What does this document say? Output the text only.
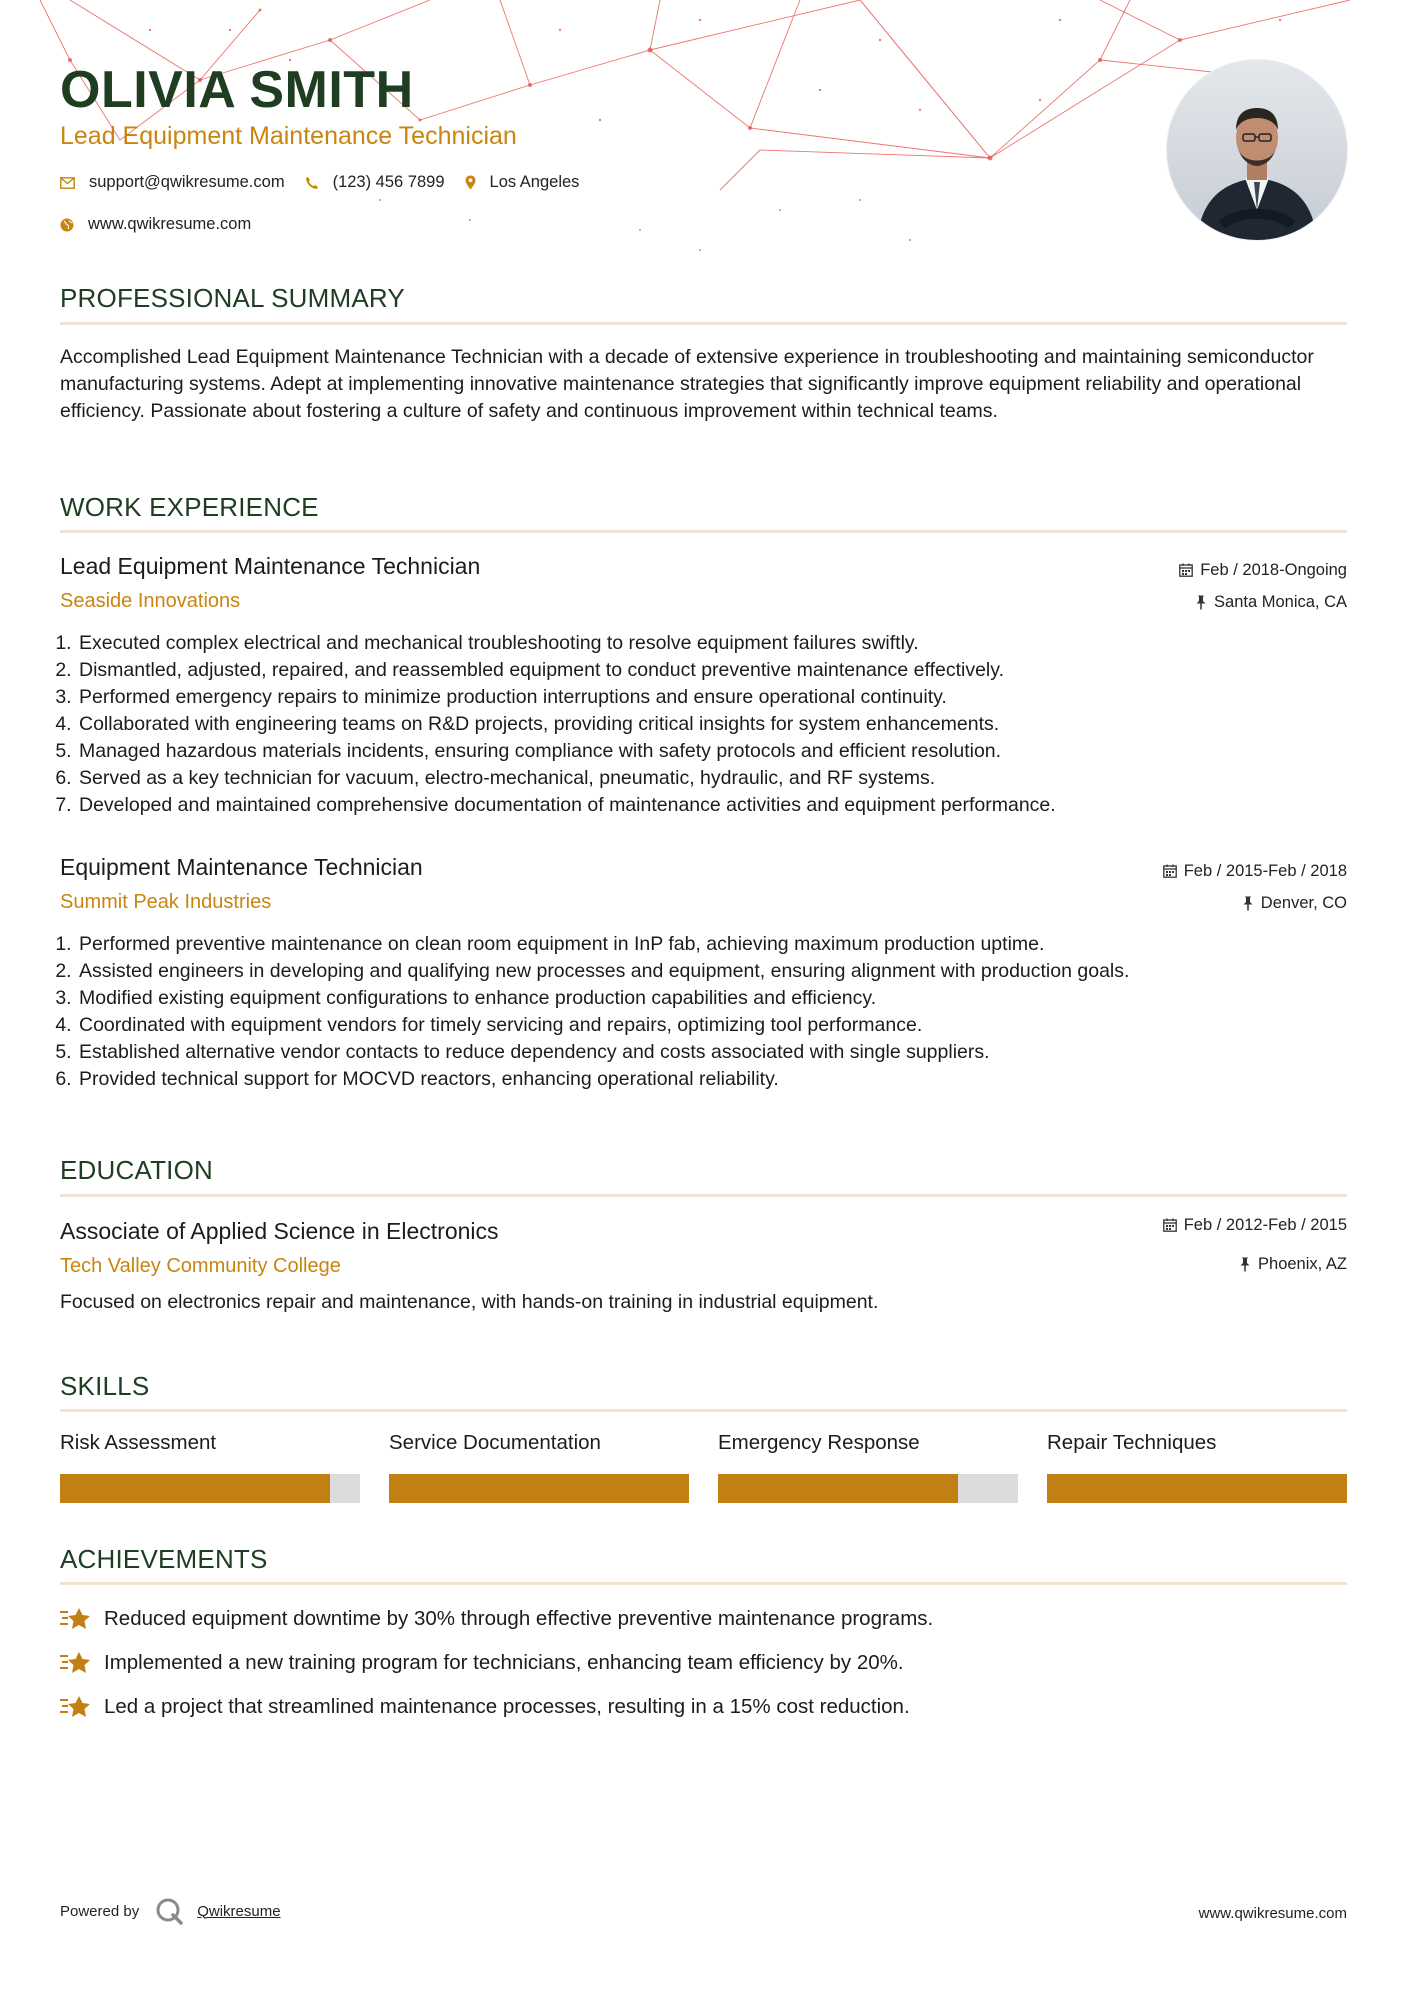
OLIVIA SMITH
Lead Equipment Maintenance Technician
support@qwikresume.com	(123) 456 7899	Los Angeles
www.qwikresume.com
PROFESSIONAL SUMMARY

Accomplished Lead Equipment Maintenance Technician with a decade of extensive experience in troubleshooting and maintaining semiconductor manufacturing systems. Adept at implementing innovative maintenance strategies that significantly improve equipment reliability and operational efficiency. Passionate about fostering a culture of safety and continuous improvement within technical teams.

WORK EXPERIENCE
Lead Equipment Maintenance Technician
Seaside Innovations
Feb / 2018-Ongoing
Santa Monica, CA
1. Executed complex electrical and mechanical troubleshooting to resolve equipment failures swiftly.
2. Dismantled, adjusted, repaired, and reassembled equipment to conduct preventive maintenance effectively.
3. Performed emergency repairs to minimize production interruptions and ensure operational continuity.
4. Collaborated with engineering teams on R&D projects, providing critical insights for system enhancements.
5. Managed hazardous materials incidents, ensuring compliance with safety protocols and efficient resolution.
6. Served as a key technician for vacuum, electro-mechanical, pneumatic, hydraulic, and RF systems.
7. Developed and maintained comprehensive documentation of maintenance activities and equipment performance.
Equipment Maintenance Technician
Summit Peak Industries
Feb / 2015-Feb / 2018
Denver, CO
1. Performed preventive maintenance on clean room equipment in InP fab, achieving maximum production uptime.
2. Assisted engineers in developing and qualifying new processes and equipment, ensuring alignment with production goals.
3. Modified existing equipment configurations to enhance production capabilities and efficiency.
4. Coordinated with equipment vendors for timely servicing and repairs, optimizing tool performance.
5. Established alternative vendor contacts to reduce dependency and costs associated with single suppliers.
6. Provided technical support for MOCVD reactors, enhancing operational reliability.
EDUCATION
Associate of Applied Science in Electronics
Tech Valley Community College
Feb / 2012-Feb / 2015
Phoenix, AZ

Focused on electronics repair and maintenance, with hands-on training in industrial equipment.

SKILLS
Risk Assessment	Service Documentation	Emergency Response	Repair Techniques
ACHIEVEMENTS
Reduced equipment downtime by 30% through effective preventive maintenance programs.
Implemented a new training program for technicians, enhancing team efficiency by 20%.
Led a project that streamlined maintenance processes, resulting in a 15% cost reduction.
Powered by	Qwikresume	www.qwikresume.com
